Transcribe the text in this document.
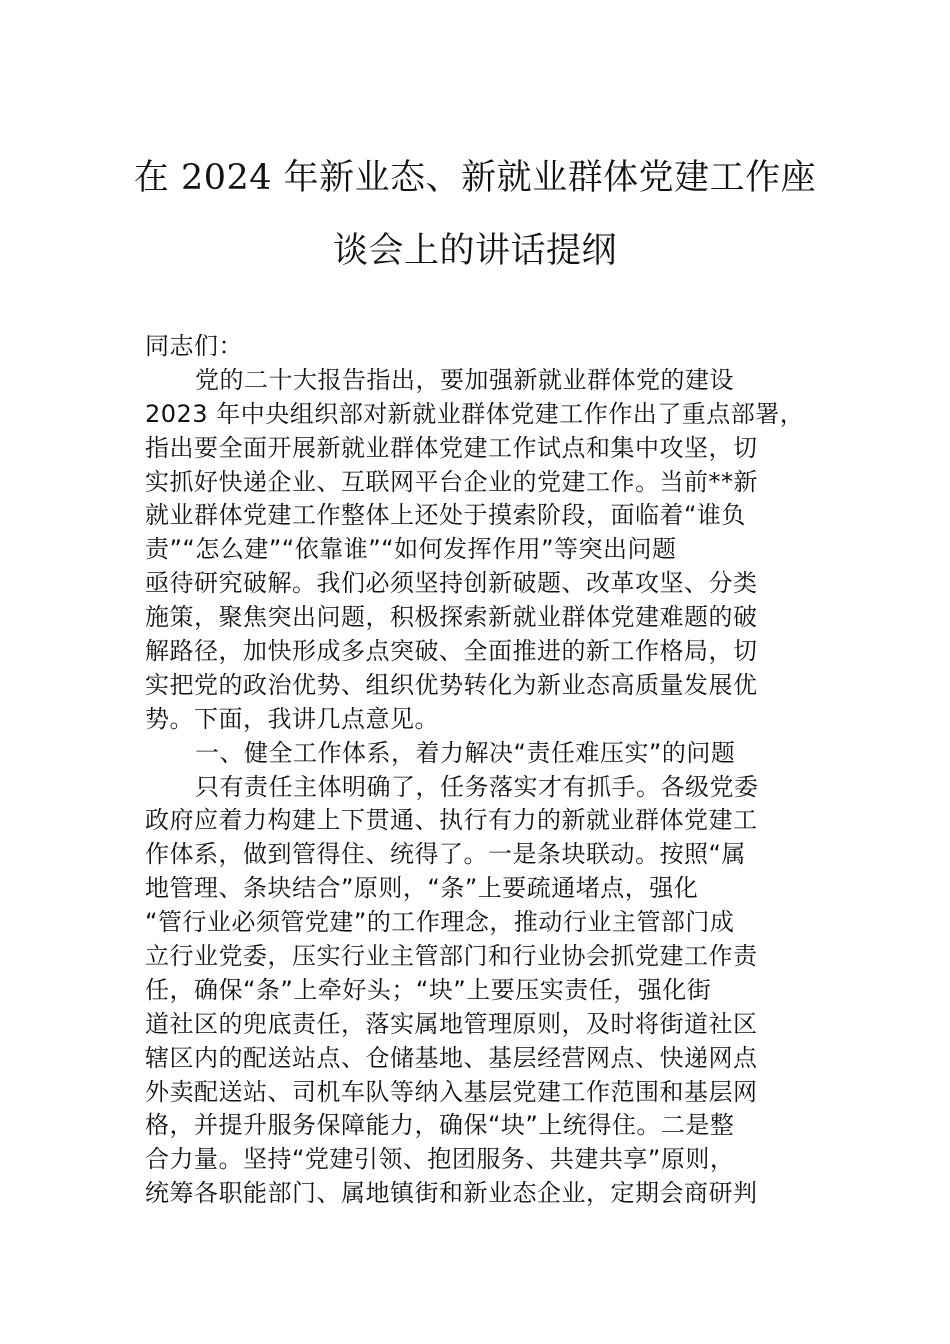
在 2024 年新业态、新就业群体党建工作座
谈会上的讲话提纲
同志们：
党的二十大报告指出，要加强新就业群体党的建设
2023 年中央组织部对新就业群体党建工作作出了重点部署，
指出要全面开展新就业群体党建工作试点和集中攻坚，切
实抓好快递企业、互联网平台企业的党建工作。当前**新
就业群体党建工作整体上还处于摸索阶段，面临着“谁负
责”“怎么建”“依靠谁”“如何发挥作用”等突出问题
亟待研究破解。我们必须坚持创新破题、改革攻坚、分类
施策，聚焦突出问题，积极探索新就业群体党建难题的破
解路径，加快形成多点突破、全面推进的新工作格局，切
实把党的政治优势、组织优势转化为新业态高质量发展优
势。下面，我讲几点意见。
一、健全工作体系，着力解决“责任难压实”的问题
只有责任主体明确了，任务落实才有抓手。各级党委
政府应着力构建上下贯通、执行有力的新就业群体党建工
作体系，做到管得住、统得了。一是条块联动。按照“属
地管理、条块结合”原则，“条”上要疏通堵点，强化
“管行业必须管党建”的工作理念，推动行业主管部门成
立行业党委，压实行业主管部门和行业协会抓党建工作责
任，确保“条”上牵好头；“块”上要压实责任，强化街
道社区的兜底责任，落实属地管理原则，及时将街道社区
辖区内的配送站点、仓储基地、基层经营网点、快递网点
外卖配送站、司机车队等纳入基层党建工作范围和基层网
格，并提升服务保障能力，确保“块”上统得住。二是整
合力量。坚持“党建引领、抱团服务、共建共享”原则，
统筹各职能部门、属地镇街和新业态企业，定期会商研判
